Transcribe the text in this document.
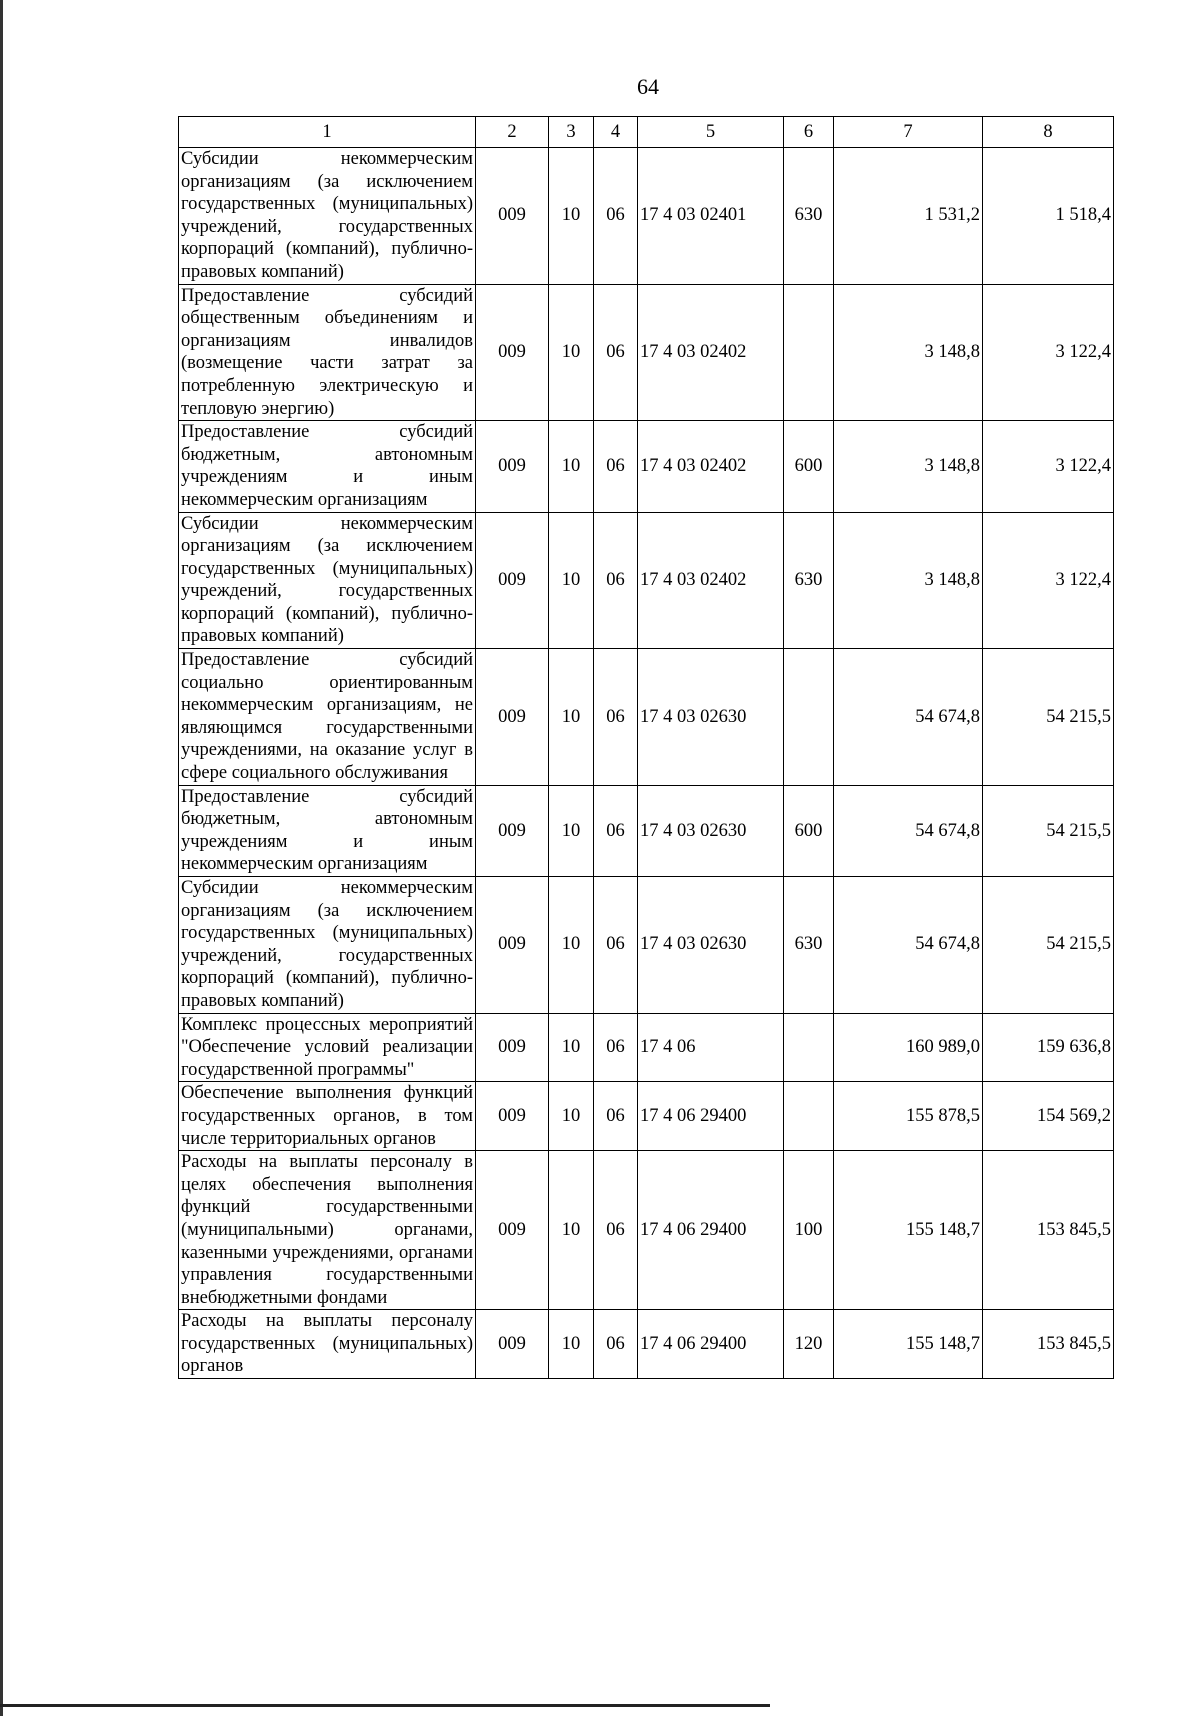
64
1	2	3	4	5	6	7	8
Субсидии некоммерческим организациям (за исключением государственных (муниципальных) учреждений, государственных корпораций (компаний), публично-правовых компаний)	009	10	06	17 4 03 02401	630	1 531,2	1 518,4
Предоставление субсидий общественным объединениям и организациям инвалидов (возмещение части затрат за потребленную электрическую и тепловую энергию)	009	10	06	17 4 03 02402		3 148,8	3 122,4
Предоставление субсидий бюджетным, автономным учреждениям и иным некоммерческим организациям	009	10	06	17 4 03 02402	600	3 148,8	3 122,4
Субсидии некоммерческим организациям (за исключением государственных (муниципальных) учреждений, государственных корпораций (компаний), публично-правовых компаний)	009	10	06	17 4 03 02402	630	3 148,8	3 122,4
Предоставление субсидий социально ориентированным некоммерческим организациям, не являющимся государственными учреждениями, на оказание услуг в сфере социального обслуживания	009	10	06	17 4 03 02630		54 674,8	54 215,5
Предоставление субсидий бюджетным, автономным учреждениям и иным некоммерческим организациям	009	10	06	17 4 03 02630	600	54 674,8	54 215,5
Субсидии некоммерческим организациям (за исключением государственных (муниципальных) учреждений, государственных корпораций (компаний), публично-правовых компаний)	009	10	06	17 4 03 02630	630	54 674,8	54 215,5
Комплекс процессных мероприятий "Обеспечение условий реализации государственной программы"	009	10	06	17 4 06		160 989,0	159 636,8
Обеспечение выполнения функций государственных органов, в том числе территориальных органов	009	10	06	17 4 06 29400		155 878,5	154 569,2
Расходы на выплаты персоналу в целях обеспечения выполнения функций государственными (муниципальными) органами, казенными учреждениями, органами управления государственными внебюджетными фондами	009	10	06	17 4 06 29400	100	155 148,7	153 845,5
Расходы на выплаты персоналу государственных (муниципальных) органов	009	10	06	17 4 06 29400	120	155 148,7	153 845,5
